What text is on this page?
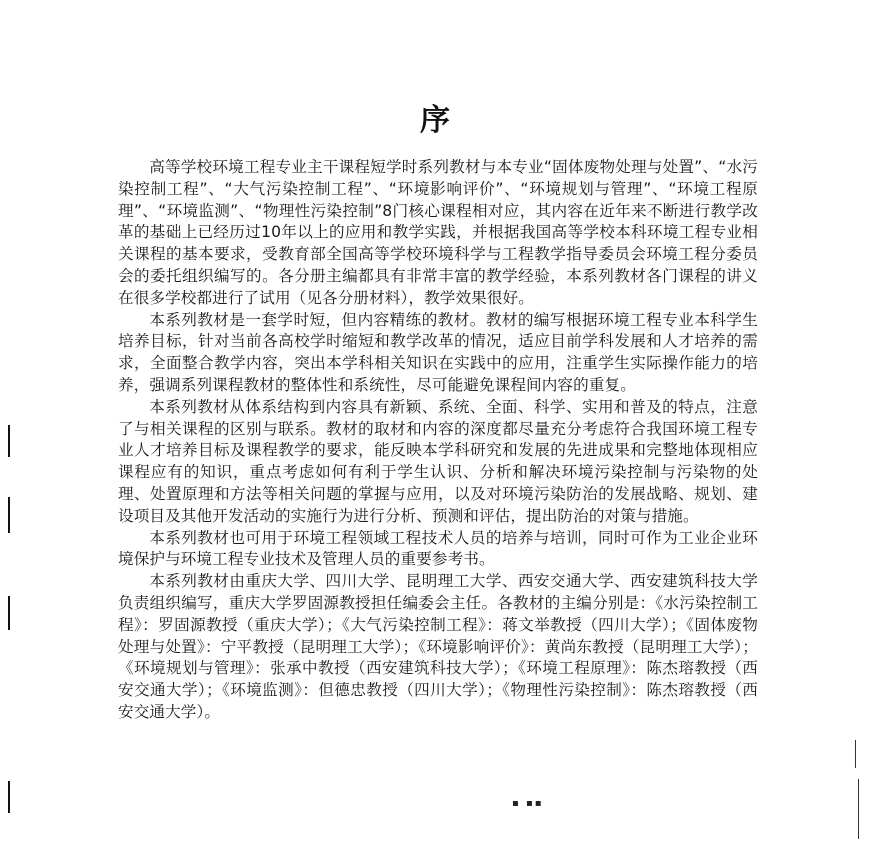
序

高等学校环境工程专业主干课程短学时系列教材与本专业“固体废物处理与处置”、“水污染控制工程”、“大气污染控制工程”、“环境影响评价”、“环境规划与管理”、“环境工程原理”、“环境监测”、“物理性污染控制”8门核心课程相对应，其内容在近年来不断进行教学改革的基础上已经历过10年以上的应用和教学实践，并根据我国高等学校本科环境工程专业相关课程的基本要求，受教育部全国高等学校环境科学与工程教学指导委员会环境工程分委员会的委托组织编写的。各分册主编都具有非常丰富的教学经验，本系列教材各门课程的讲义在很多学校都进行了试用（见各分册材料），教学效果很好。

本系列教材是一套学时短，但内容精练的教材。教材的编写根据环境工程专业本科学生培养目标，针对当前各高校学时缩短和教学改革的情况，适应目前学科发展和人才培养的需求，全面整合教学内容，突出本学科相关知识在实践中的应用，注重学生实际操作能力的培养，强调系列课程教材的整体性和系统性，尽可能避免课程间内容的重复。

本系列教材从体系结构到内容具有新颖、系统、全面、科学、实用和普及的特点，注意了与相关课程的区别与联系。教材的取材和内容的深度都尽量充分考虑符合我国环境工程专业人才培养目标及课程教学的要求，能反映本学科研究和发展的先进成果和完整地体现相应课程应有的知识，重点考虑如何有利于学生认识、分析和解决环境污染控制与污染物的处理、处置原理和方法等相关问题的掌握与应用，以及对环境污染防治的发展战略、规划、建设项目及其他开发活动的实施行为进行分析、预测和评估，提出防治的对策与措施。

本系列教材也可用于环境工程领域工程技术人员的培养与培训，同时可作为工业企业环境保护与环境工程专业技术及管理人员的重要参考书。

本系列教材由重庆大学、四川大学、昆明理工大学、西安交通大学、西安建筑科技大学负责组织编写，重庆大学罗固源教授担任编委会主任。各教材的主编分别是：《水污染控制工程》：罗固源教授（重庆大学）；《大气污染控制工程》：蒋文举教授（四川大学）；《固体废物处理与处置》：宁平教授（昆明理工大学）；《环境影响评价》：黄尚东教授（昆明理工大学）；《环境规划与管理》：张承中教授（西安建筑科技大学）；《环境工程原理》：陈杰瑢教授（西安交通大学）；《环境监测》：但德忠教授（四川大学）；《物理性污染控制》：陈杰瑢教授（西安交通大学）。

▪ ▪▪
